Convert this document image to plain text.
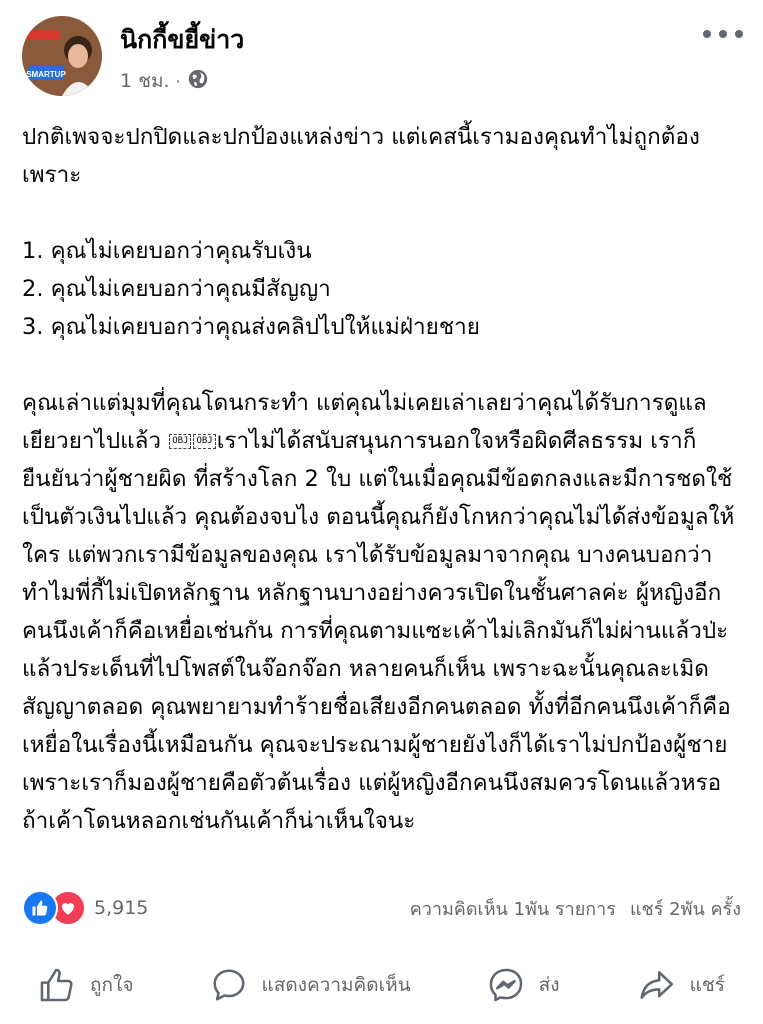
SMARTUP
นิกกี้ขยี้ข่าว
1 ชม. ·

ปกติเพจจะปกปิดและปกป้องแหล่งข่าว แต่เคสนี้เรามองคุณทำไม่ถูกต้อง เพราะ

1. คุณไม่เคยบอกว่าคุณรับเงิน

2. คุณไม่เคยบอกว่าคุณมีสัญญา

3. คุณไม่เคยบอกว่าคุณส่งคลิปไปให้แม่ฝ่ายชาย

คุณเล่าแต่มุมที่คุณโดนกระทำ แต่คุณไม่เคยเล่าเลยว่าคุณได้รับการดูแลเยียวยาไปแล้ว OBJ OBJ เราไม่ได้สนับสนุนการนอกใจหรือผิดศีลธรรม เราก็ยืนยันว่าผู้ชายผิด ที่สร้างโลก 2 ใบ แต่ในเมื่อคุณมีข้อตกลงและมีการชดใช้เป็นตัวเงินไปแล้ว คุณต้องจบไง ตอนนี้คุณก็ยังโกหกว่าคุณไม่ได้ส่งข้อมูลให้ใคร แต่พวกเรามีข้อมูลของคุณ เราได้รับข้อมูลมาจากคุณ บางคนบอกว่าทำไมพี่กี้ไม่เปิดหลักฐาน หลักฐานบางอย่างควรเปิดในชั้นศาลค่ะ ผู้หญิงอีกคนนึงเค้าก็คือเหยื่อเช่นกัน การที่คุณตามแซะเค้าไม่เลิกมันก็ไม่ผ่านแล้วป่ะ แล้วประเด็นที่ไปโพสต์ในจ๊อกจ๊อก หลายคนก็เห็น เพราะฉะนั้นคุณละเมิดสัญญาตลอด คุณพยายามทำร้ายชื่อเสียงอีกคนตลอด ทั้งที่อีกคนนึงเค้าก็คือเหยื่อในเรื่องนี้เหมือนกัน คุณจะประณามผู้ชายยังไงก็ได้เราไม่ปกป้องผู้ชาย เพราะเราก็มองผู้ชายคือตัวต้นเรื่อง แต่ผู้หญิงอีกคนนึงสมควรโดนแล้วหรอ ถ้าเค้าโดนหลอกเช่นกันเค้าก็น่าเห็นใจนะ

5,915	ความคิดเห็น 1พัน รายการ แชร์ 2พัน ครั้ง
ถูกใจ	แสดงความคิดเห็น	ส่ง	แชร์
